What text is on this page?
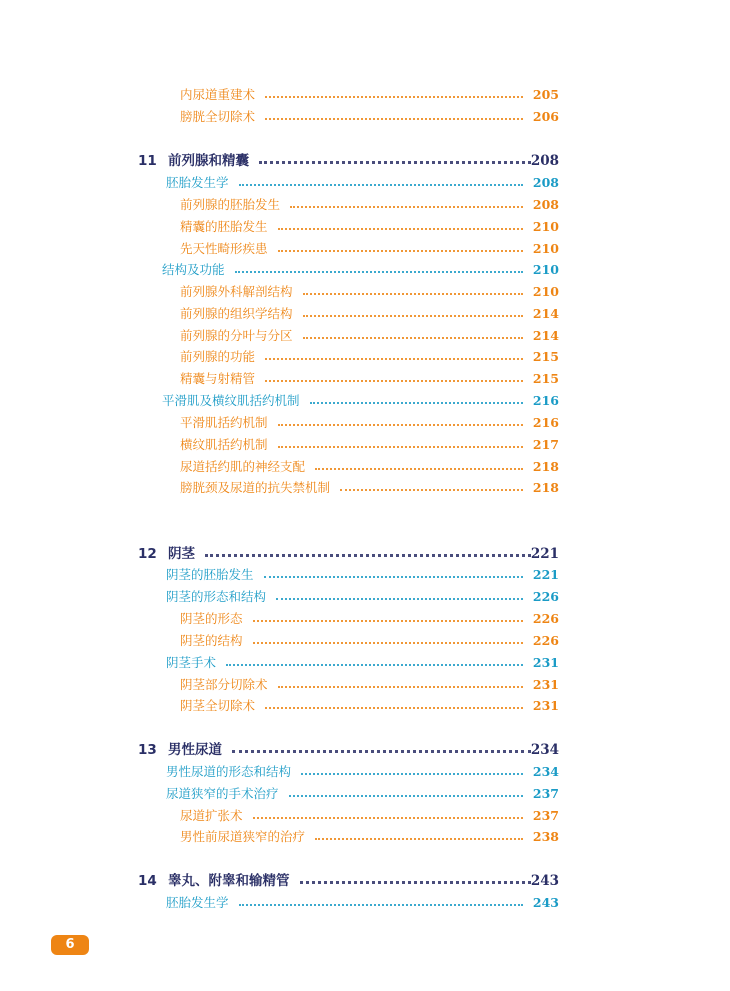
内尿道重建术	205
膀胱全切除术	206
11 前列腺和精囊	208
胚胎发生学	208
前列腺的胚胎发生	208
精囊的胚胎发生	210
先天性畸形疾患	210
结构及功能	210
前列腺外科解剖结构	210
前列腺的组织学结构	214
前列腺的分叶与分区	214
前列腺的功能	215
精囊与射精管	215
平滑肌及横纹肌括约机制	216
平滑肌括约机制	216
横纹肌括约机制	217
尿道括约肌的神经支配	218
膀胱颈及尿道的抗失禁机制	218
12 阴茎	221
阴茎的胚胎发生	221
阴茎的形态和结构	226
阴茎的形态	226
阴茎的结构	226
阴茎手术	231
阴茎部分切除术	231
阴茎全切除术	231
13 男性尿道	234
男性尿道的形态和结构	234
尿道狭窄的手术治疗	237
尿道扩张术	237
男性前尿道狭窄的治疗	238
14 睾丸、附睾和输精管	243
胚胎发生学	243
6
